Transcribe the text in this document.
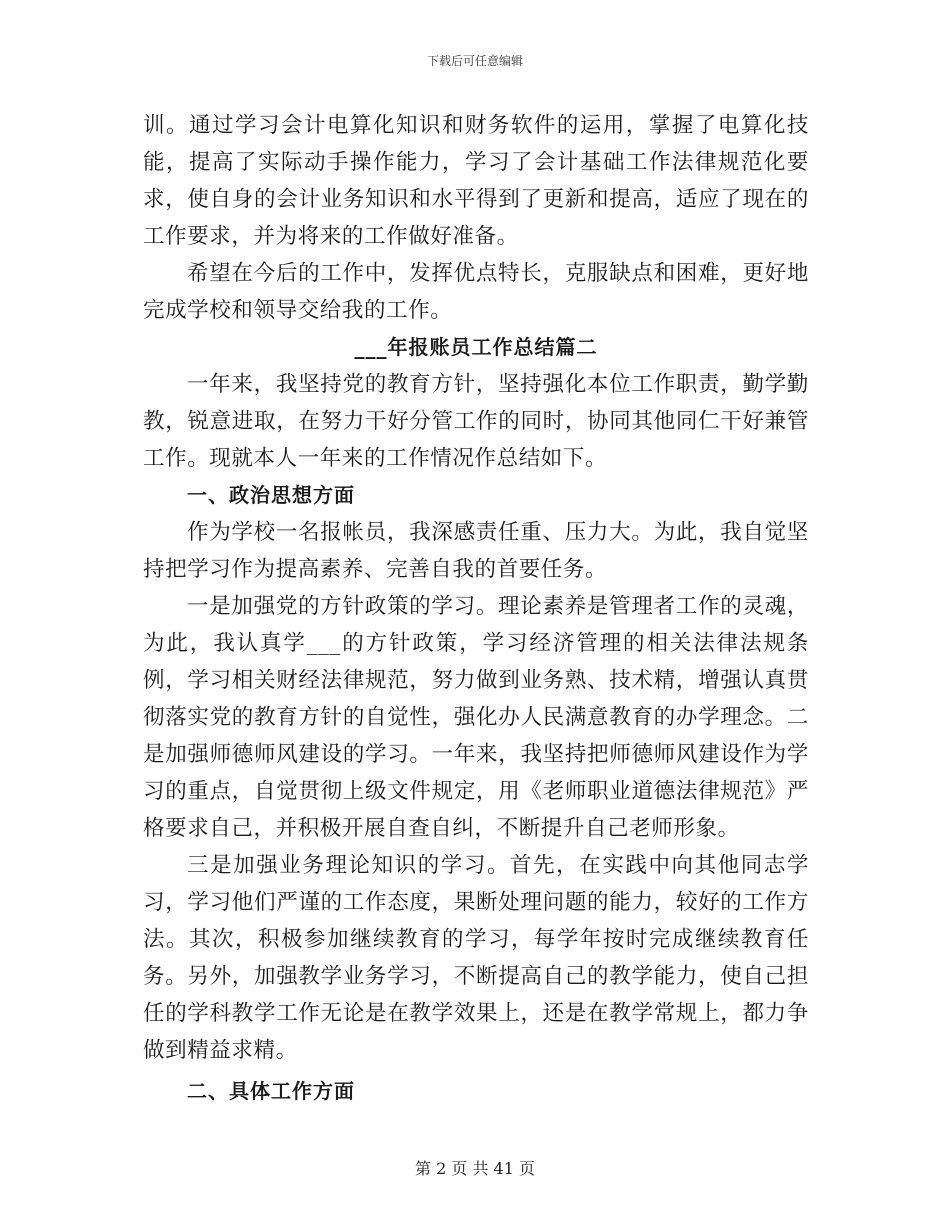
下载后可任意编辑

训。通过学习会计电算化知识和财务软件的运用，掌握了电算化技能，提高了实际动手操作能力，学习了会计基础工作法律规范化要求，使自身的会计业务知识和水平得到了更新和提高，适应了现在的工作要求，并为将来的工作做好准备。

希望在今后的工作中，发挥优点特长，克服缺点和困难，更好地完成学校和领导交给我的工作。

___年报账员工作总结篇二

一年来，我坚持党的教育方针，坚持强化本位工作职责，勤学勤教，锐意进取，在努力干好分管工作的同时，协同其他同仁干好兼管工作。现就本人一年来的工作情况作总结如下。

一、政治思想方面

作为学校一名报帐员，我深感责任重、压力大。为此，我自觉坚持把学习作为提高素养、完善自我的首要任务。

一是加强党的方针政策的学习。理论素养是管理者工作的灵魂，为此，我认真学___的方针政策，学习经济管理的相关法律法规条例，学习相关财经法律规范，努力做到业务熟、技术精，增强认真贯彻落实党的教育方针的自觉性，强化办人民满意教育的办学理念。二是加强师德师风建设的学习。一年来，我坚持把师德师风建设作为学习的重点，自觉贯彻上级文件规定，用《老师职业道德法律规范》严格要求自己，并积极开展自查自纠，不断提升自己老师形象。

三是加强业务理论知识的学习。首先，在实践中向其他同志学习，学习他们严谨的工作态度，果断处理问题的能力，较好的工作方法。其次，积极参加继续教育的学习，每学年按时完成继续教育任务。另外，加强教学业务学习，不断提高自己的教学能力，使自己担任的学科教学工作无论是在教学效果上，还是在教学常规上，都力争做到精益求精。

二、具体工作方面

第 2 页 共 41 页
